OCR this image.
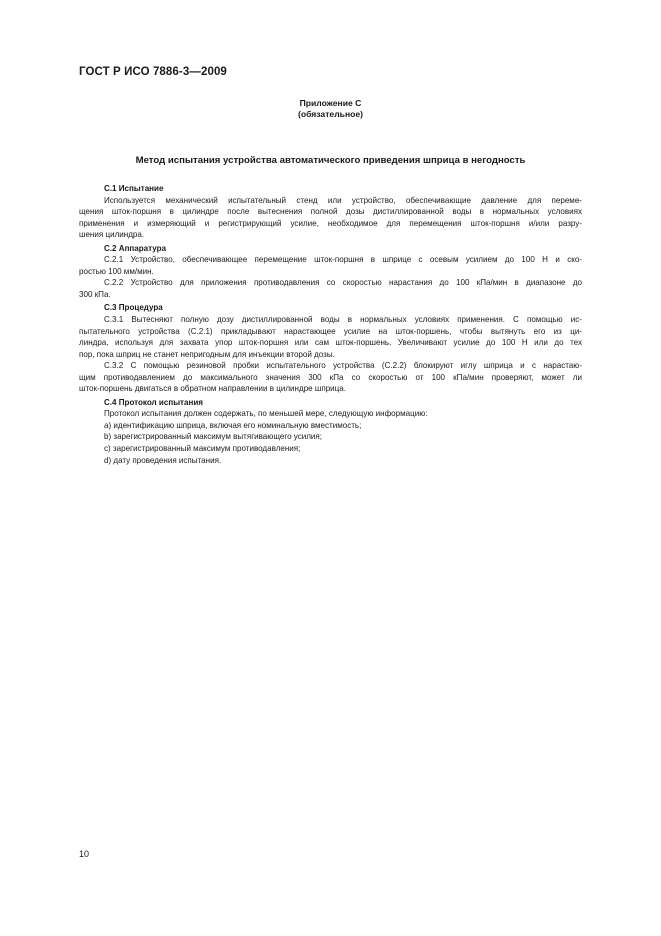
ГОСТ Р ИСО 7886-3—2009
Приложение С
(обязательное)
Метод испытания устройства автоматического приведения шприца в негодность
С.1 Испытание
Используется механический испытательный стенд или устройство, обеспечивающие давление для переме-
щения шток-поршня в цилиндре после вытеснения полной дозы дистиллированной воды в нормальных условиях
применения и измеряющий и регистрирующий усилие, необходимое для перемещения шток-поршня и/или разру-
шения цилиндра.
С.2 Аппаратура
С.2.1 Устройство, обеспечивающее перемещение шток-поршня в шприце с осевым усилием до 100 Н и ско-
ростью 100 мм/мин.
С.2.2 Устройство для приложения противодавления со скоростью нарастания до 100 кПа/мин в диапазоне до
300 кПа.
С.3 Процедура
С.3.1 Вытесняют полную дозу дистиллированной воды в нормальных условиях применения. С помощью ис-
пытательного устройства (С.2.1) прикладывают нарастающее усилие на шток-поршень, чтобы вытянуть его из ци-
линдра, используя для захвата упор шток-поршня или сам шток-поршень. Увеличивают усилие до 100 Н или до тех
пор, пока шприц не станет непригодным для инъекции второй дозы.
С.3.2 С помощью резиновой пробки испытательного устройства (С.2.2) блокируют иглу шприца и с нарастаю-
щим противодавлением до максимального значения 300 кПа со скоростью от 100 кПа/мин проверяют, может ли
шток-поршень двигаться в обратном направлении в цилиндре шприца.
С.4 Протокол испытания
Протокол испытания должен содержать, по меньшей мере, следующую информацию:
a) идентификацию шприца, включая его номинальную вместимость;
b) зарегистрированный максимум вытягивающего усилия;
c) зарегистрированный максимум противодавления;
d) дату проведения испытания.
10
